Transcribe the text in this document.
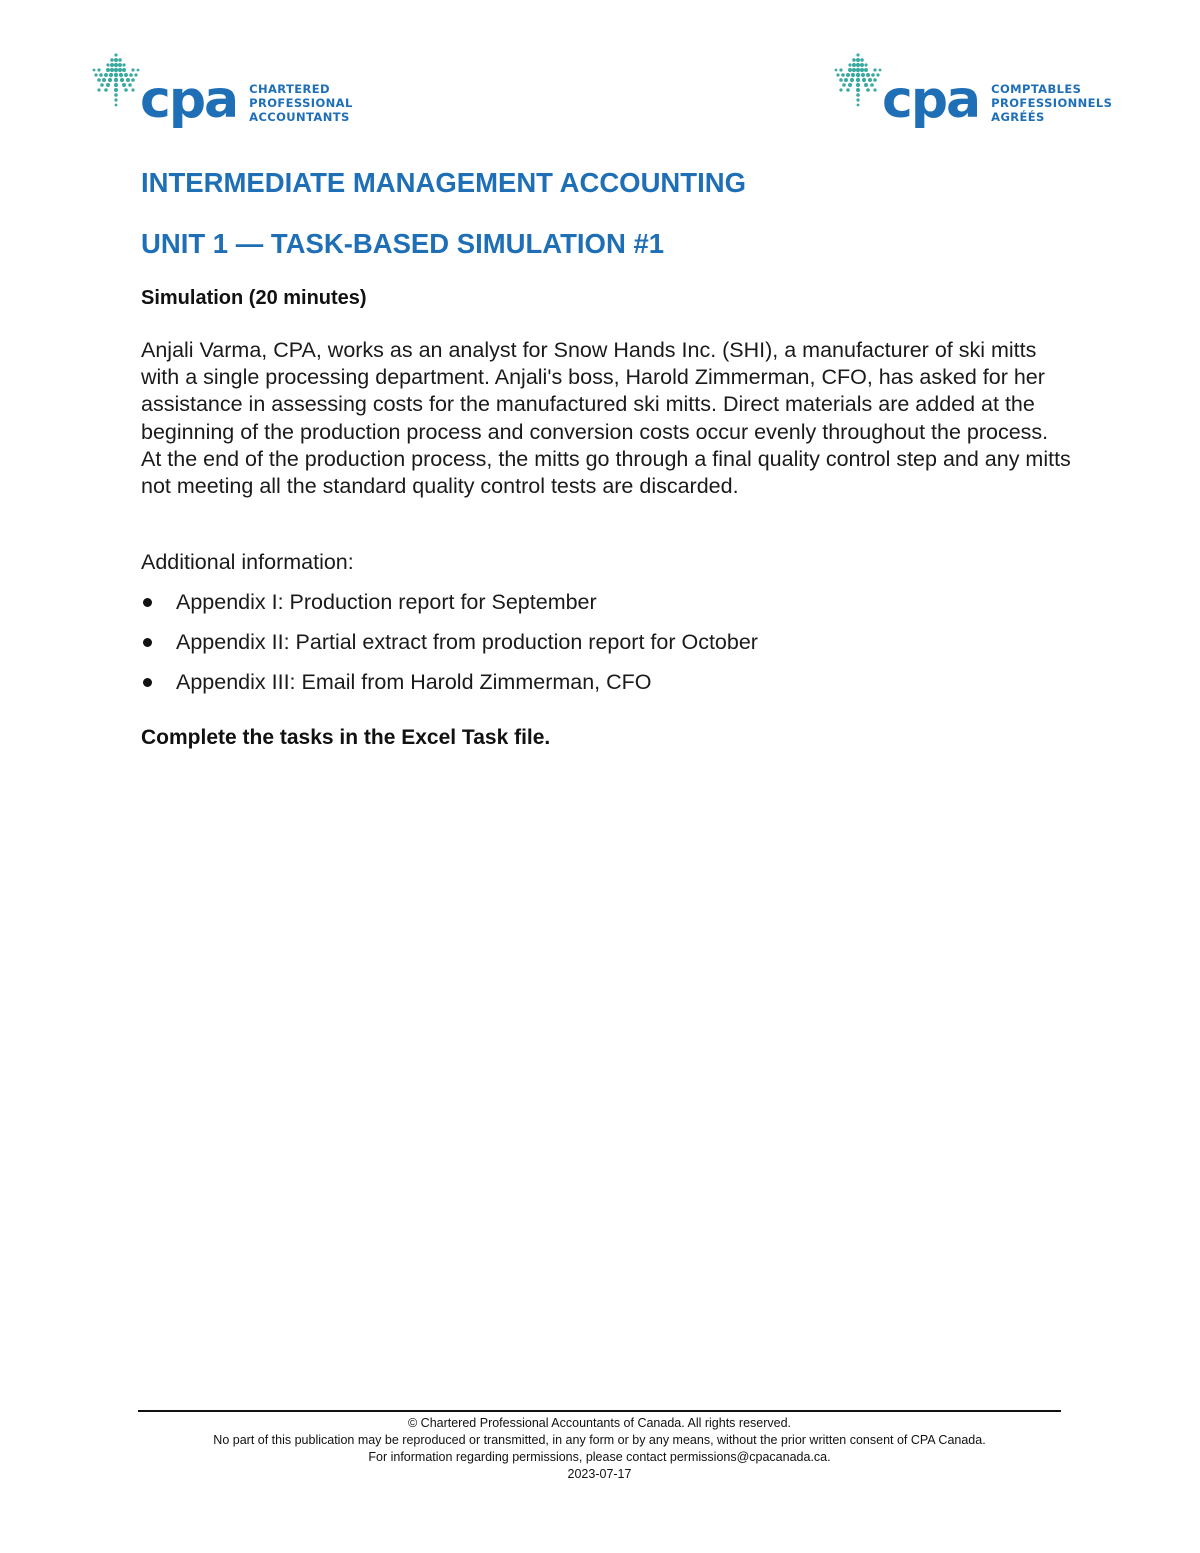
cpa CHARTERED
PROFESSIONAL
ACCOUNTANTS	cpa COMPTABLES
PROFESSIONNELS
AGRÉÉS
INTERMEDIATE MANAGEMENT ACCOUNTING
UNIT 1 — TASK-BASED SIMULATION #1

Simulation (20 minutes)

Anjali Varma, CPA, works as an analyst for Snow Hands Inc. (SHI), a manufacturer of ski mitts with a single processing department. Anjali's boss, Harold Zimmerman, CFO, has asked for her assistance in assessing costs for the manufactured ski mitts. Direct materials are added at the beginning of the production process and conversion costs occur evenly throughout the process. At the end of the production process, the mitts go through a final quality control step and any mitts not meeting all the standard quality control tests are discarded.

Additional information:

Appendix I: Production report for September
Appendix II: Partial extract from production report for October
Appendix III: Email from Harold Zimmerman, CFO

Complete the tasks in the Excel Task file.

© Chartered Professional Accountants of Canada. All rights reserved.
No part of this publication may be reproduced or transmitted, in any form or by any means, without the prior written consent of CPA Canada.
For information regarding permissions, please contact permissions@cpacanada.ca.
2023-07-17
